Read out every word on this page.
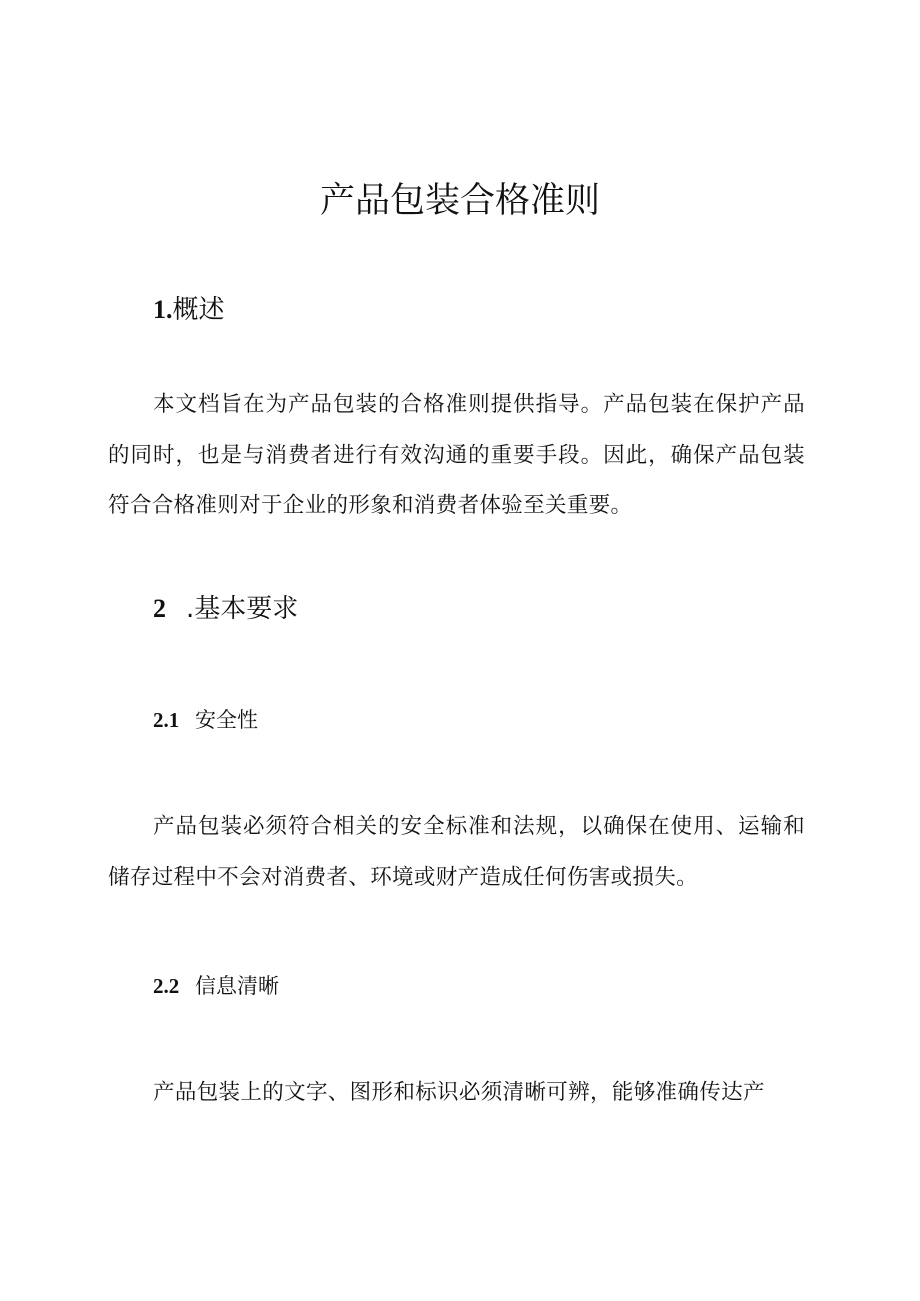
产品包装合格准则
1.概述

本文档旨在为产品包装的合格准则提供指导。产品包装在保护产品的同时，也是与消费者进行有效沟通的重要手段。因此，确保产品包装符合合格准则对于企业的形象和消费者体验至关重要。

2 .基本要求
2.1 安全性

产品包装必须符合相关的安全标准和法规，以确保在使用、运输和储存过程中不会对消费者、环境或财产造成任何伤害或损失。

2.2 信息清晰

产品包装上的文字、图形和标识必须清晰可辨，能够准确传达产
